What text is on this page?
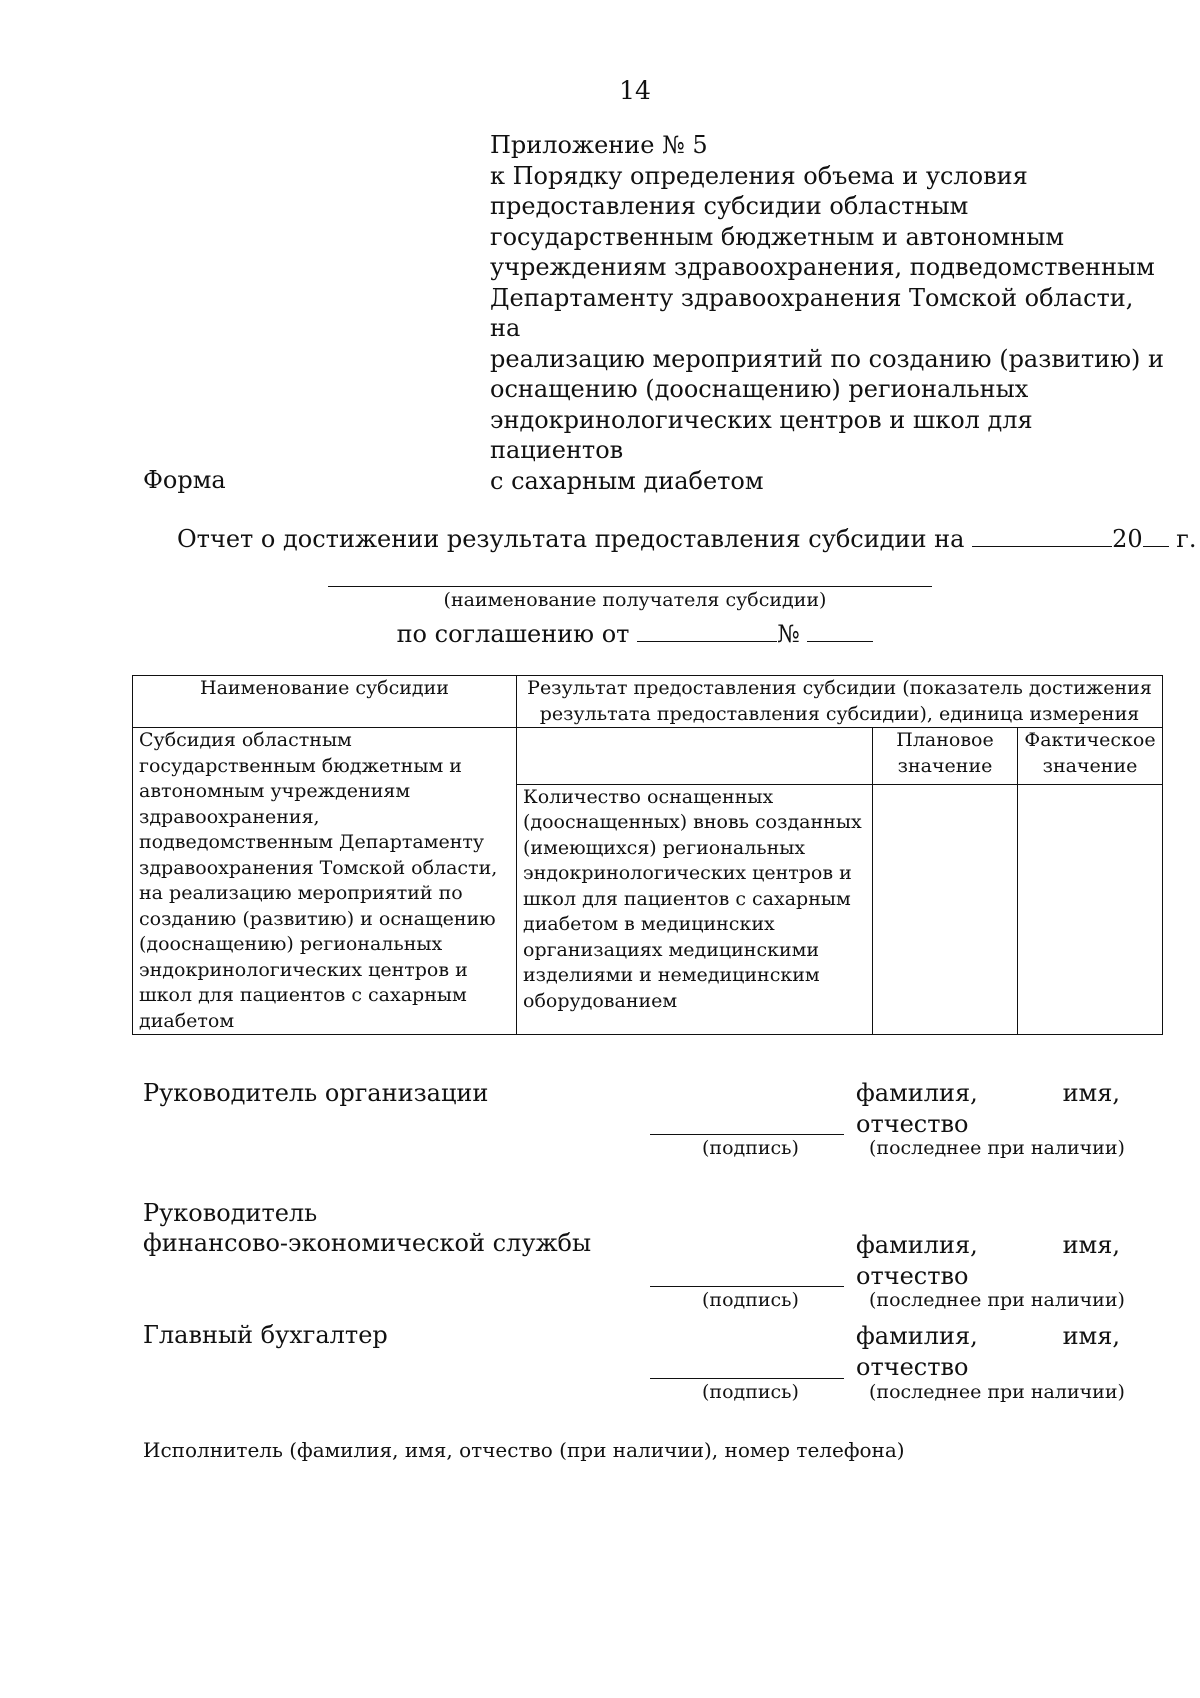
14
Приложение № 5
к Порядку определения объема и условия
предоставления субсидии областным
государственным бюджетным и автономным
учреждениям здравоохранения, подведомственным
Департаменту здравоохранения Томской области, на
реализацию мероприятий по созданию (развитию) и
оснащению (дооснащению) региональных
эндокринологических центров и школ для пациентов
с сахарным диабетом
Форма
Отчет о достижении результата предоставления субсидии на	20 г.
(наименование получателя субсидии)
по соглашению от	№
Наименование субсидии	Результат предоставления субсидии (показатель достижения результата предоставления субсидии), единица измерения		
Субсидия областным государственным бюджетным и автономным учреждениям здравоохранения, подведомственным Департаменту здравоохранения Томской области, на реализацию мероприятий по созданию (развитию) и оснащению (дооснащению) региональных эндокринологических центров и школ для пациентов с сахарным диабетом		Плановое значение	Фактическое значение
	Количество оснащенных (дооснащенных) вновь созданных (имеющихся) региональных эндокринологических центров и школ для пациентов с сахарным диабетом в медицинских организациях медицинскими изделиями и немедицинским оборудованием		
Руководитель организации
(подпись)
фамилия,	имя,
отчество
(последнее при наличии)
Руководитель
финансово-экономической службы
(подпись)
фамилия,	имя,
отчество
(последнее при наличии)
Главный бухгалтер
(подпись)
фамилия,	имя,
отчество
(последнее при наличии)
Исполнитель (фамилия, имя, отчество (при наличии), номер телефона)
